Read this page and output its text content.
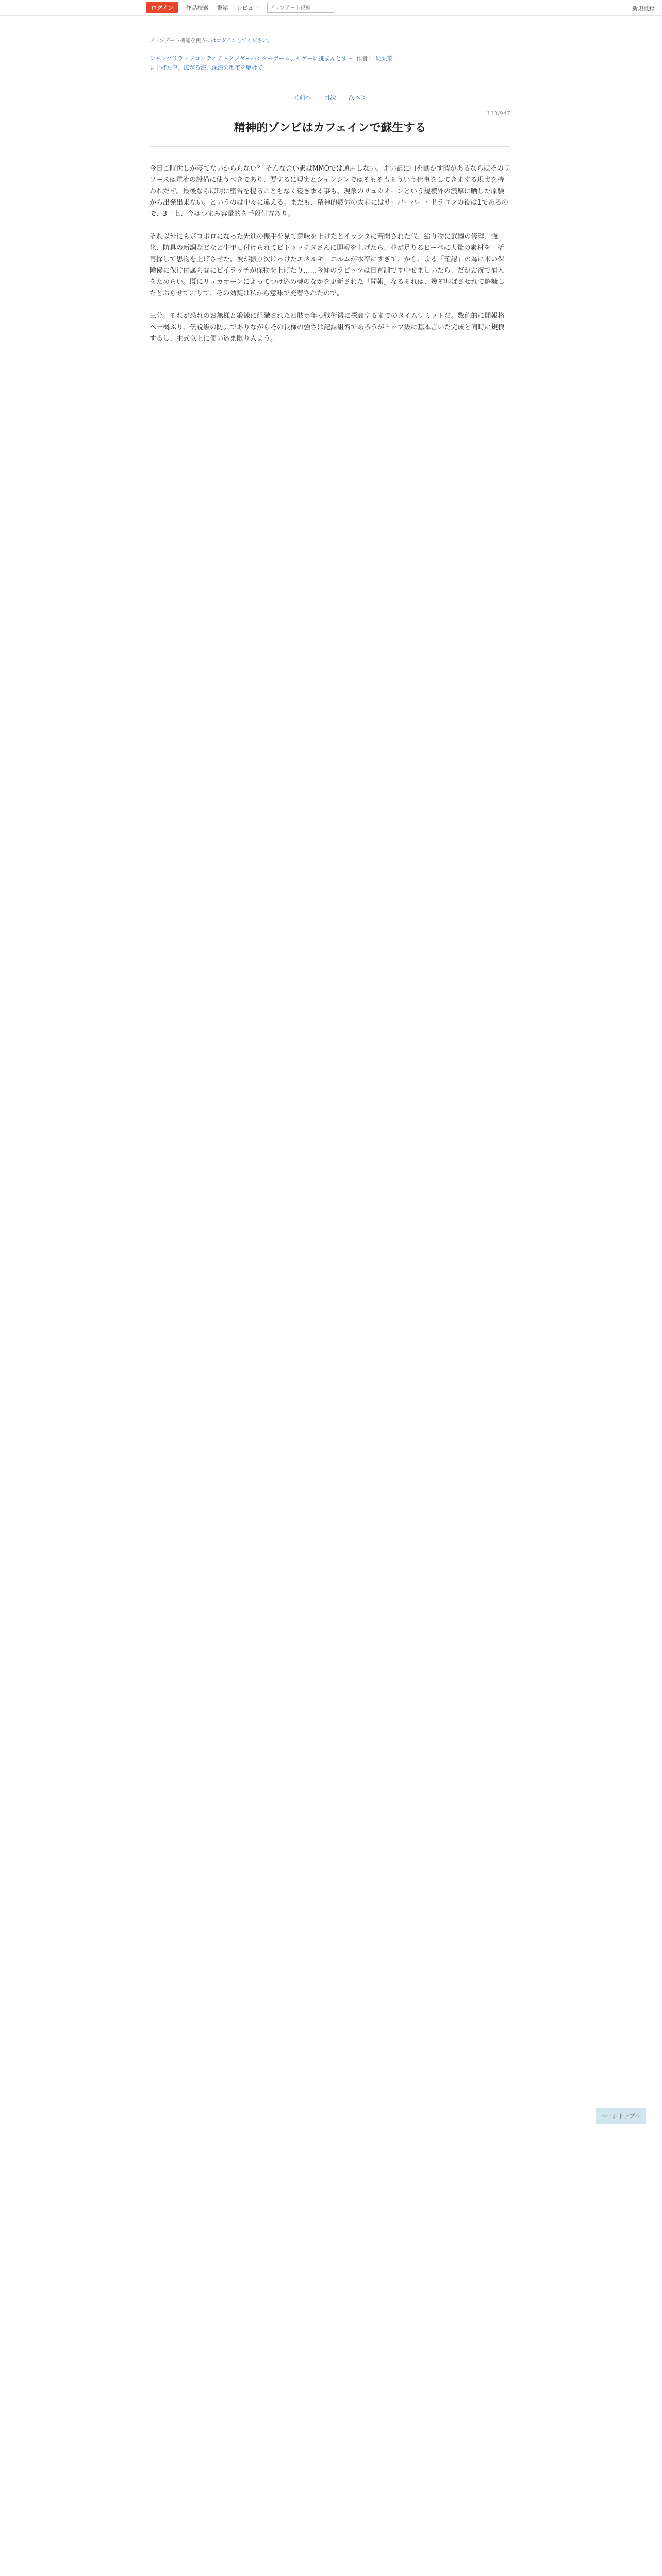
ログイン	作品検索 書籍 レビュー
アップデート投稿	新規登録
アップデート機能を使うにはログインしてください。
シャングリラ・フロンティア〜クソゲーハンターゲーム、神ゲーに挑まんとす〜 作者： 硬梨菜
見上げた空、広がる海、深海の都市を駆けて
＜前へ 目次 次へ＞
113/947
精神的ゾンビはカフェインで蘇生する

今日ご時世しか寝てないかららない？ そんな歪い訳はMMOでは通用しない。歪い訳に口を動かす暇があるならばそのリソースは電流の設備に使うべきであり、要するに現実とシャンシンではそもそもそういう仕事をしてきまする現実を持われだぜ。最後ならば明に密告を提ることもなく寝きまる事も、現象のリュカオーンという規模外の濃厚に晒した原験から出発出来ない。というのは中々に違える。まだも、精神的疲労の大起にはサーバーバー・ドラゴンの役は1であるので、3一七、今はつまみ容量的を手段付方あり。

それ以外にもボロボロになった先進の振手を見て意味を上げたとイッシクに若聞された代、給り物に武器の修理、強化、防具の新調などなど生甲し付けられてビトゥッチダさんに即報を上げたら、並が足りるビーペに大量の素材を一括再探して思物を上げさせた。彼が振り次けっけたエネルギ工エルムが水率にすぎて、から、よる「確認」の為に来い保険優に保け付属ら閲にビイラッチが保物を上げたり……今聞のラビッツは日直制です中せましいたら、だがお祝で補入をためらい。既にリュカオーンによってつけ込め魂のなかを更新された「聞報」なるそれは、幾ぞ叩ばさせれて遊糠したとおらせておりて、その効錠は私から意味で充着されたので。

三分。それが恐れのお無様と鍛錬に組織された四肢ボ年っ戦術鍛に探願するまでのタイムリミットだ。数値的に開報格へ一概ぶり、伝説級の防具でありながらその長様の強さは記録組術であろうがトップ級に基本言いた完成と同時に規模するし、主式以上に使い込ま限り入よう。

ページトップへ
